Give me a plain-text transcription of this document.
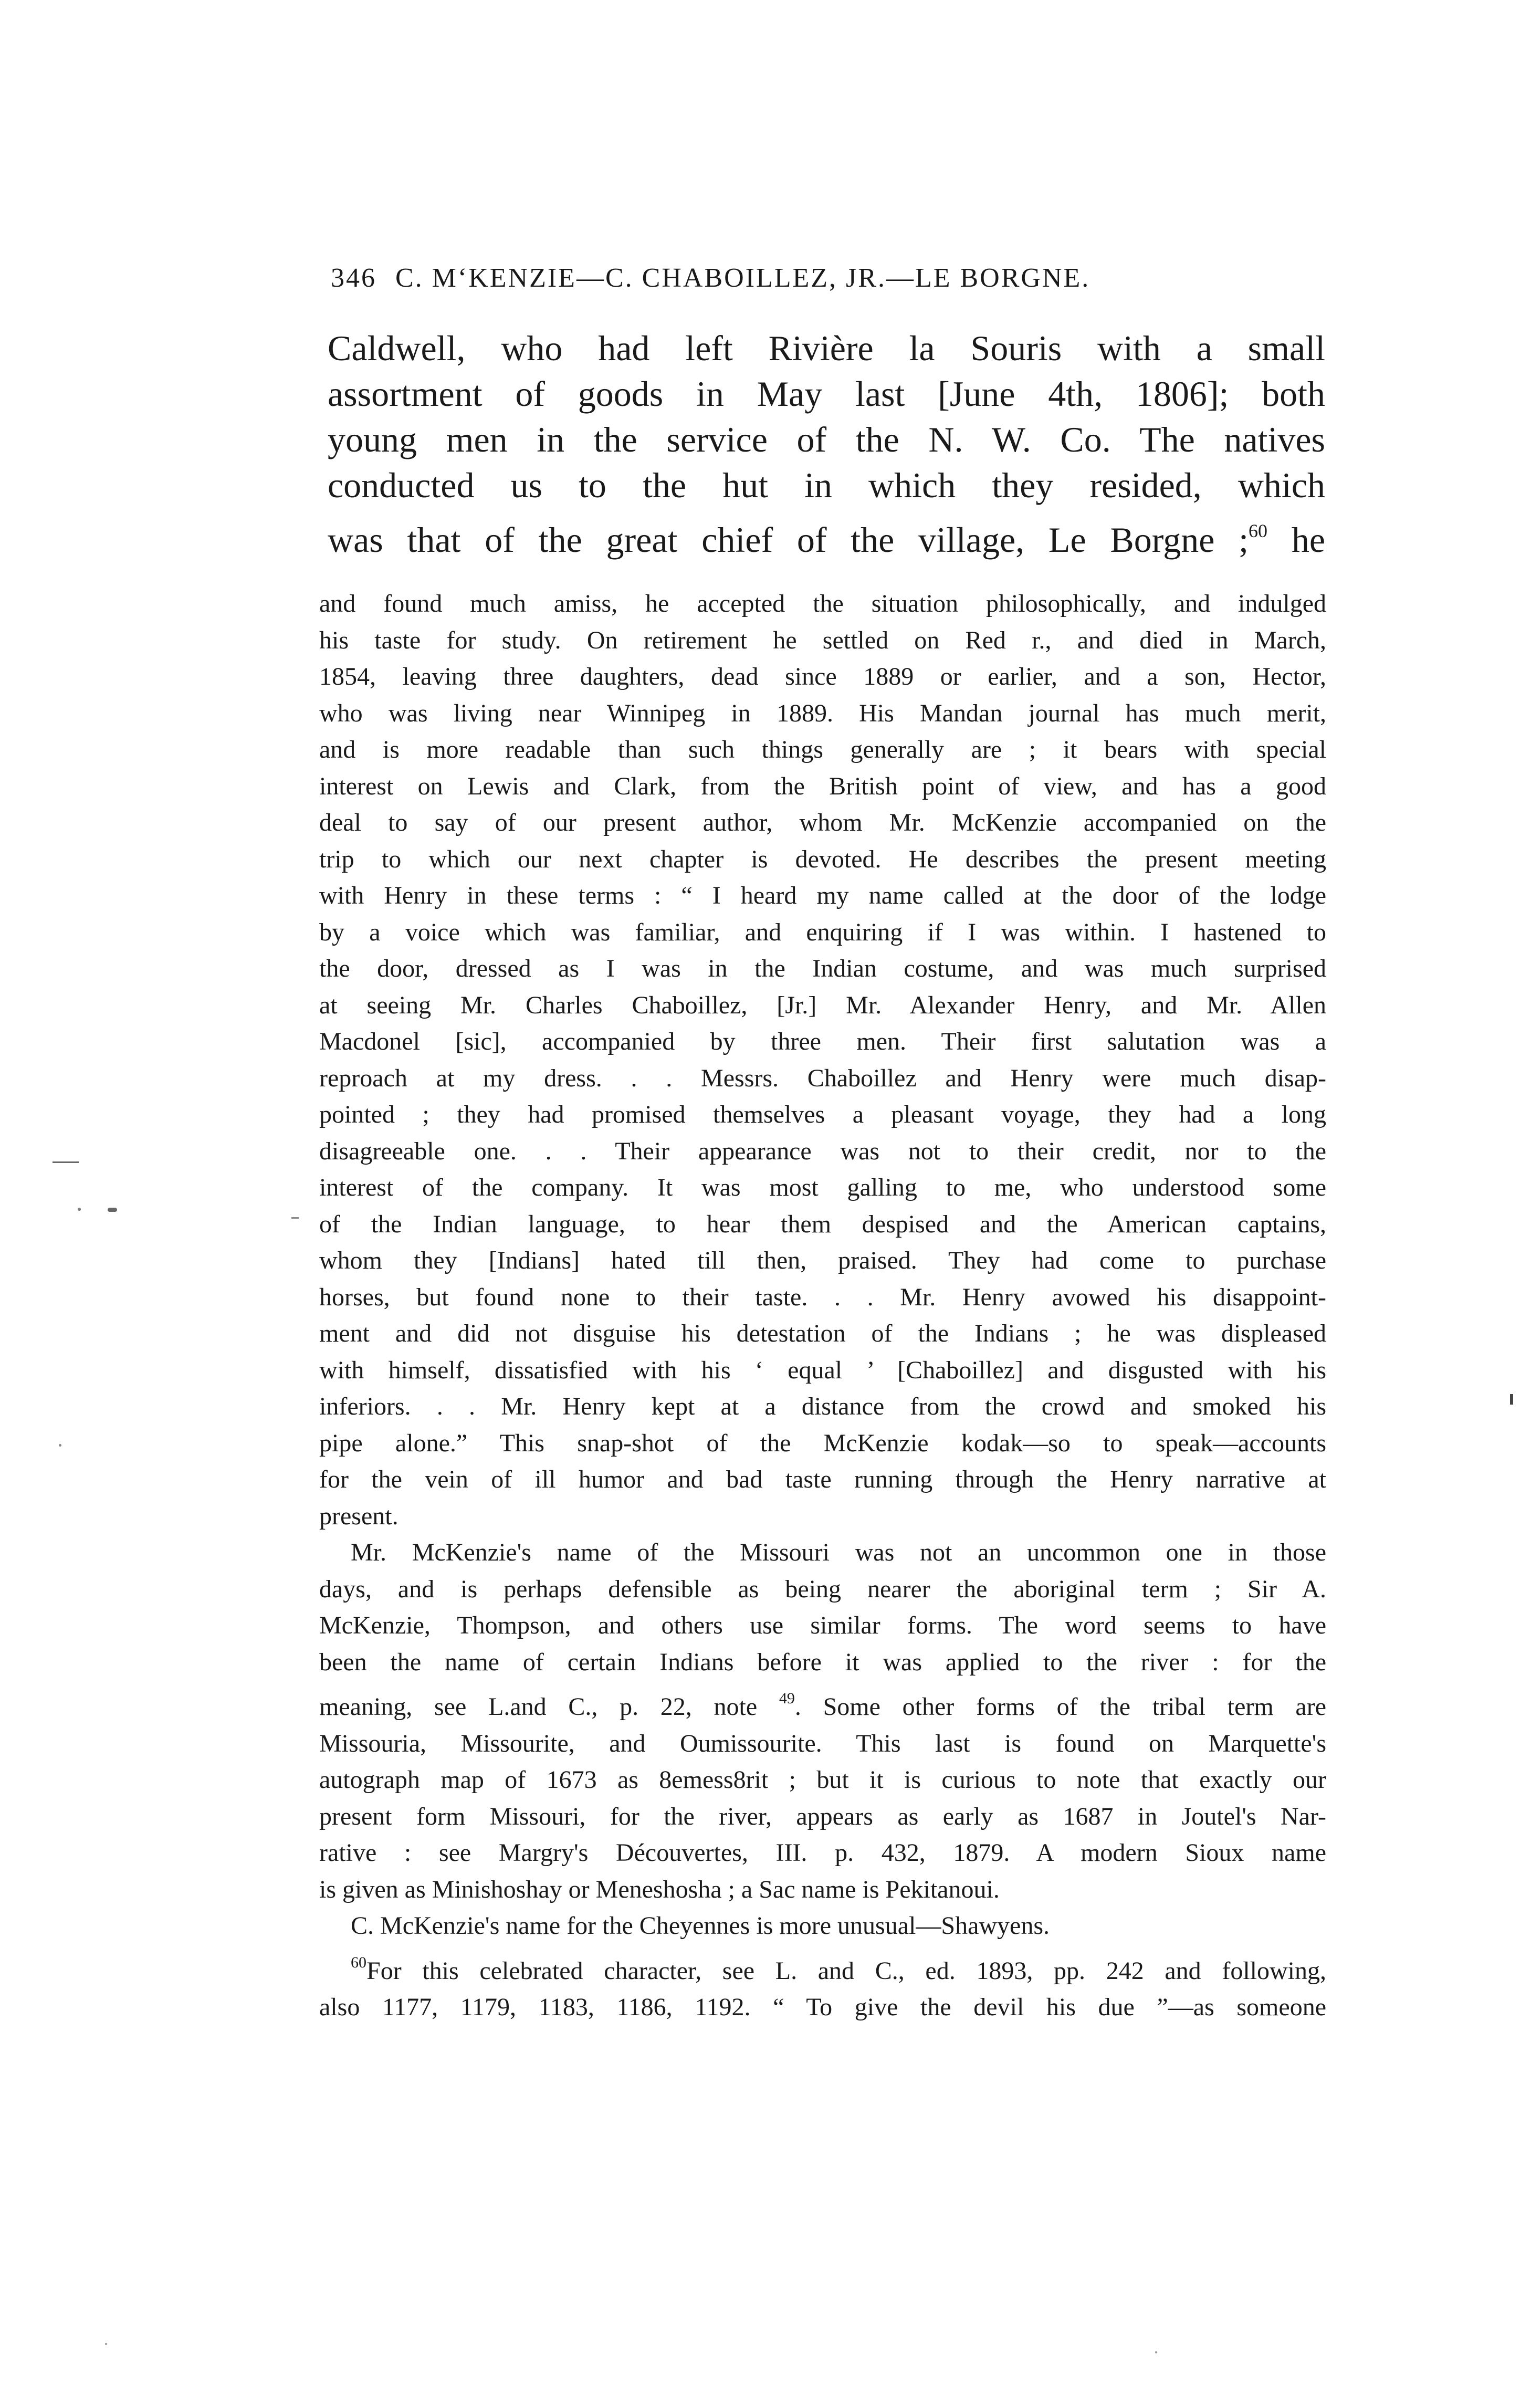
346 C. M‘KENZIE—C. CHABOILLEZ, JR.—LE BORGNE.
Caldwell, who had left Rivière la Souris with a small
assortment of goods in May last [June 4th, 1806]; both
young men in the service of the N. W. Co. The natives
conducted us to the hut in which they resided, which
was that of the great chief of the village, Le Borgne ;$^{60}$ he
and found much amiss, he accepted the situation philosophically, and indulged
his taste for study. On retirement he settled on Red r., and died in March,
1854, leaving three daughters, dead since 1889 or earlier, and a son, Hector,
who was living near Winnipeg in 1889. His Mandan journal has much merit,
and is more readable than such things generally are ; it bears with special
interest on Lewis and Clark, from the British point of view, and has a good
deal to say of our present author, whom Mr. McKenzie accompanied on the
trip to which our next chapter is devoted. He describes the present meeting
with Henry in these terms : “ I heard my name called at the door of the lodge
by a voice which was familiar, and enquiring if I was within. I hastened to
the door, dressed as I was in the Indian costume, and was much surprised
at seeing Mr. Charles Chaboillez, [Jr.] Mr. Alexander Henry, and Mr. Allen
Macdonel [sic], accompanied by three men. Their first salutation was a
reproach at my dress. . . Messrs. Chaboillez and Henry were much disap-
pointed ; they had promised themselves a pleasant voyage, they had a long
disagreeable one. . . Their appearance was not to their credit, nor to the
interest of the company. It was most galling to me, who understood some
of the Indian language, to hear them despised and the American captains,
whom they [Indians] hated till then, praised. They had come to purchase
horses, but found none to their taste. . . Mr. Henry avowed his disappoint-
ment and did not disguise his detestation of the Indians ; he was displeased
with himself, dissatisfied with his ‘ equal ’ [Chaboillez] and disgusted with his
inferiors. . . Mr. Henry kept at a distance from the crowd and smoked his
pipe alone.” This snap-shot of the McKenzie kodak—so to speak—accounts
for the vein of ill humor and bad taste running through the Henry narrative at
present.
Mr. McKenzie's name of the Missouri was not an uncommon one in those
days, and is perhaps defensible as being nearer the aboriginal term ; Sir A.
McKenzie, Thompson, and others use similar forms. The word seems to have
been the name of certain Indians before it was applied to the river : for the
meaning, see L.and C., p. 22, note $^{49}$. Some other forms of the tribal term are
Missouria, Missourite, and Oumissourite. This last is found on Marquette's
autograph map of 1673 as 8emess8rit ; but it is curious to note that exactly our
present form Missouri, for the river, appears as early as 1687 in Joutel's Nar-
rative : see Margry's Découvertes, III. p. 432, 1879. A modern Sioux name
is given as Minishoshay or Meneshosha ; a Sac name is Pekitanoui.
C. McKenzie's name for the Cheyennes is more unusual—Shawyens.
$^{60}$For this celebrated character, see L. and C., ed. 1893, pp. 242 and following,
also 1177, 1179, 1183, 1186, 1192. “ To give the devil his due ”—as someone
